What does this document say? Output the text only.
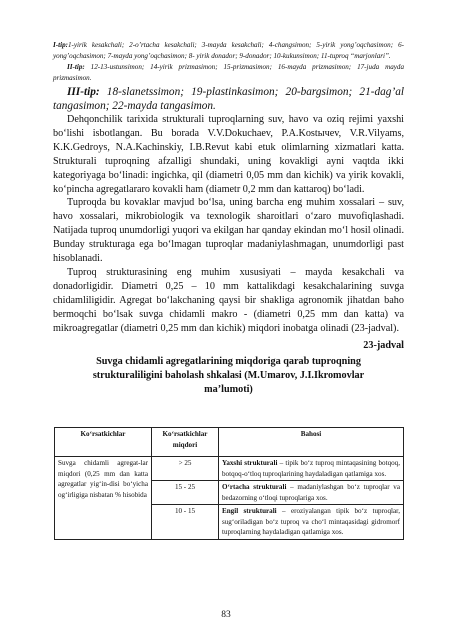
I-tip:1-yirik kesakchali; 2-o’rtacha kesakchali; 3-mayda kesakchali; 4-changsimon; 5-yirik yong’oqchasimon; 6-yong’oqchasimon; 7-mayda yong’oqchasimon; 8- yirik donador; 9-donador; 10-kukunsimon; 11-tuproq “marjonlari”.
II-tip: 12-13-ustunsimon; 14-yirik prizmasimon; 15-prizmasimon; 16-mayda prizmasimon; 17-juda mayda prizmasimon.
III-tip: 18-slanetssimon; 19-plastinkasimon; 20-bargsimon; 21-dag’al tangasimon; 22-mayda tangasimon.

Dehqonchilik tarixida strukturali tuproqlarning suv, havo va oziq rejimi yaxshi bo‘lishi isbotlangan. Bu borada V.V.Dokuchaev, P.A.Kostычev, V.R.Vilyams, K.K.Gedroys, N.A.Kachinskiy, I.B.Revut kabi etuk olimlarning xizmatlari katta. Strukturali tuproqning afzalligi shundaki, uning kovakligi ayni vaqtda ikki kategoriyaga bo‘linadi: ingichka, qil (diametri 0,05 mm dan kichik) va yirik kovakli, ko‘pincha agregatlararo kovakli ham (diametr 0,2 mm dan kattaroq) bo‘ladi.

Tuproqda bu kovaklar mavjud bo‘lsa, uning barcha eng muhim xossalari – suv, havo xossalari, mikrobiologik va texnologik sharoitlari o‘zaro muvofiqlashadi. Natijada tuproq unumdorligi yuqori va ekilgan har qanday ekindan mo‘l hosil olinadi. Bunday strukturaga ega bo‘lmagan tuproqlar madaniylashmagan, unumdorligi past hisoblanadi.

Tuproq strukturasining eng muhim xususiyati – mayda kesakchali va donadorligidir. Diametri 0,25 – 10 mm kattalikdagi kesakchalarining suvga chidamliligidir. Agregat bo‘lakchaning qaysi bir shakliga agronomik jihatdan baho bermoqchi bo‘lsak suvga chidamli makro - (diametri 0,25 mm dan katta) va mikroagregatlar (diametri 0,25 mm dan kichik) miqdori inobatga olinadi (23-jadval).

23-jadval
Suvga chidamli agregatlarining miqdoriga qarab tuproqning
strukturaliligini baholash shkalasi (M.Umarov, J.I.Ikromovlar
ma’lumoti)
Ko‘rsatkichlar	Ko‘rsatkichlar miqdori	Bahosi
Suvga chidamli agregat-lar miqdori (0,25 mm dan katta agregatlar yig‘in-disi bo‘yicha og‘irligiga nisbatan % hisobida	> 25	Yaxshi strukturali – tipik bo‘z tuproq mintaqasining botqoq, botqoq-o‘tloq tuproqlarining haydaladigan qatlamiga xos.
	15 - 25	O‘rtacha strukturali – madaniylashgan bo‘z tuproqlar va bedazorning o‘tloqi tuproqlariga xos.
	10 - 15	Engil strukturali – eroziyalangan tipik bo‘z tuproqlar, sug‘oriladigan bo‘z tuproq va cho‘l mintaqasidagi gidromorf tuproqlarning haydaladigan qatlamiga xos.
83
